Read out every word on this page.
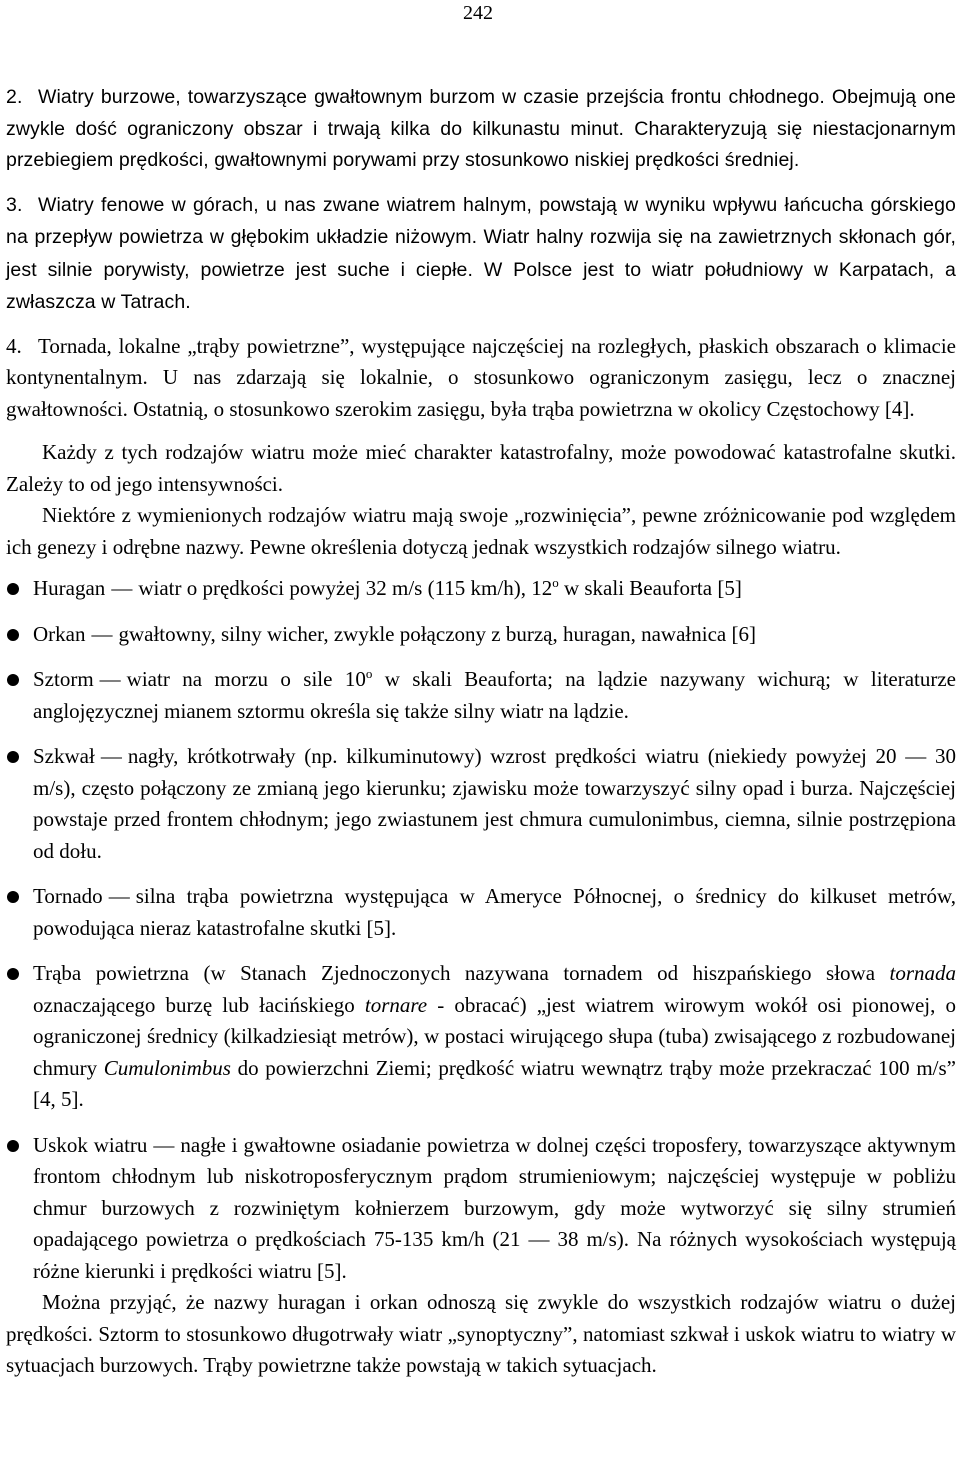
242

2. Wiatry burzowe, towarzyszące gwałtownym burzom w czasie przejścia frontu chłodnego. Obejmują one zwykle dość ograniczony obszar i trwają kilka do kilkunastu minut. Charakteryzują się niestacjonarnym przebiegiem prędkości, gwałtownymi porywami przy stosunkowo niskiej prędkości średniej.

3. Wiatry fenowe w górach, u nas zwane wiatrem halnym, powstają w wyniku wpływu łańcucha górskiego na przepływ powietrza w głębokim układzie niżowym. Wiatr halny rozwija się na zawietrznych skłonach gór, jest silnie porywisty, powietrze jest suche i ciepłe. W Polsce jest to wiatr południowy w Karpatach, a zwłaszcza w Tatrach.

4. Tornada, lokalne „trąby powietrzne”, występujące najczęściej na rozległych, płaskich obszarach o klimacie kontynentalnym. U nas zdarzają się lokalnie, o stosunkowo ograniczonym zasięgu, lecz o znacznej gwałtowności. Ostatnią, o stosunkowo szerokim zasięgu, była trąba powietrzna w okolicy Częstochowy [4].

Każdy z tych rodzajów wiatru może mieć charakter katastrofalny, może powodować katastrofalne skutki. Zależy to od jego intensywności.

Niektóre z wymienionych rodzajów wiatru mają swoje „rozwinięcia”, pewne zróżnicowanie pod względem ich genezy i odrębne nazwy. Pewne określenia dotyczą jednak wszystkich rodzajów silnego wiatru.

Huragan — wiatr o prędkości powyżej 32 m/s (115 km/h), 12$^o$ w skali Beauforta [5]
Orkan — gwałtowny, silny wicher, zwykle połączony z burzą, huragan, nawałnica [6]
Sztorm — wiatr na morzu o sile 10$^o$ w skali Beauforta; na lądzie nazywany wichurą; w literaturze anglojęzycznej mianem sztormu określa się także silny wiatr na lądzie.
Szkwał — nagły, krótkotrwały (np. kilkuminutowy) wzrost prędkości wiatru (niekiedy powyżej 20 — 30 m/s), często połączony ze zmianą jego kierunku; zjawisku może towarzyszyć silny opad i burza. Najczęściej powstaje przed frontem chłodnym; jego zwiastunem jest chmura cumulonimbus, ciemna, silnie postrzępiona od dołu.
Tornado — silna trąba powietrzna występująca w Ameryce Północnej, o średnicy do kilkuset metrów, powodująca nieraz katastrofalne skutki [5].
Trąba powietrzna (w Stanach Zjednoczonych nazywana tornadem od hiszpańskiego słowa tornada oznaczającego burzę lub łacińskiego tornare - obracać) „jest wiatrem wirowym wokół osi pionowej, o ograniczonej średnicy (kilkadziesiąt metrów), w postaci wirującego słupa (tuba) zwisającego z rozbudowanej chmury Cumulonimbus do powierzchni Ziemi; prędkość wiatru wewnątrz trąby może przekraczać 100 m/s” [4, 5].
Uskok wiatru — nagłe i gwałtowne osiadanie powietrza w dolnej części troposfery, towarzyszące aktywnym frontom chłodnym lub niskotroposferycznym prądom strumieniowym; najczęściej występuje w pobliżu chmur burzowych z rozwiniętym kołnierzem burzowym, gdy może wytworzyć się silny strumień opadającego powietrza o prędkościach 75-135 km/h (21 — 38 m/s). Na różnych wysokościach występują różne kierunki i prędkości wiatru [5].

Można przyjąć, że nazwy huragan i orkan odnoszą się zwykle do wszystkich rodzajów wiatru o dużej prędkości. Sztorm to stosunkowo długotrwały wiatr „synoptyczny”, natomiast szkwał i uskok wiatru to wiatry w sytuacjach burzowych. Trąby powietrzne także powstają w takich sytuacjach.
